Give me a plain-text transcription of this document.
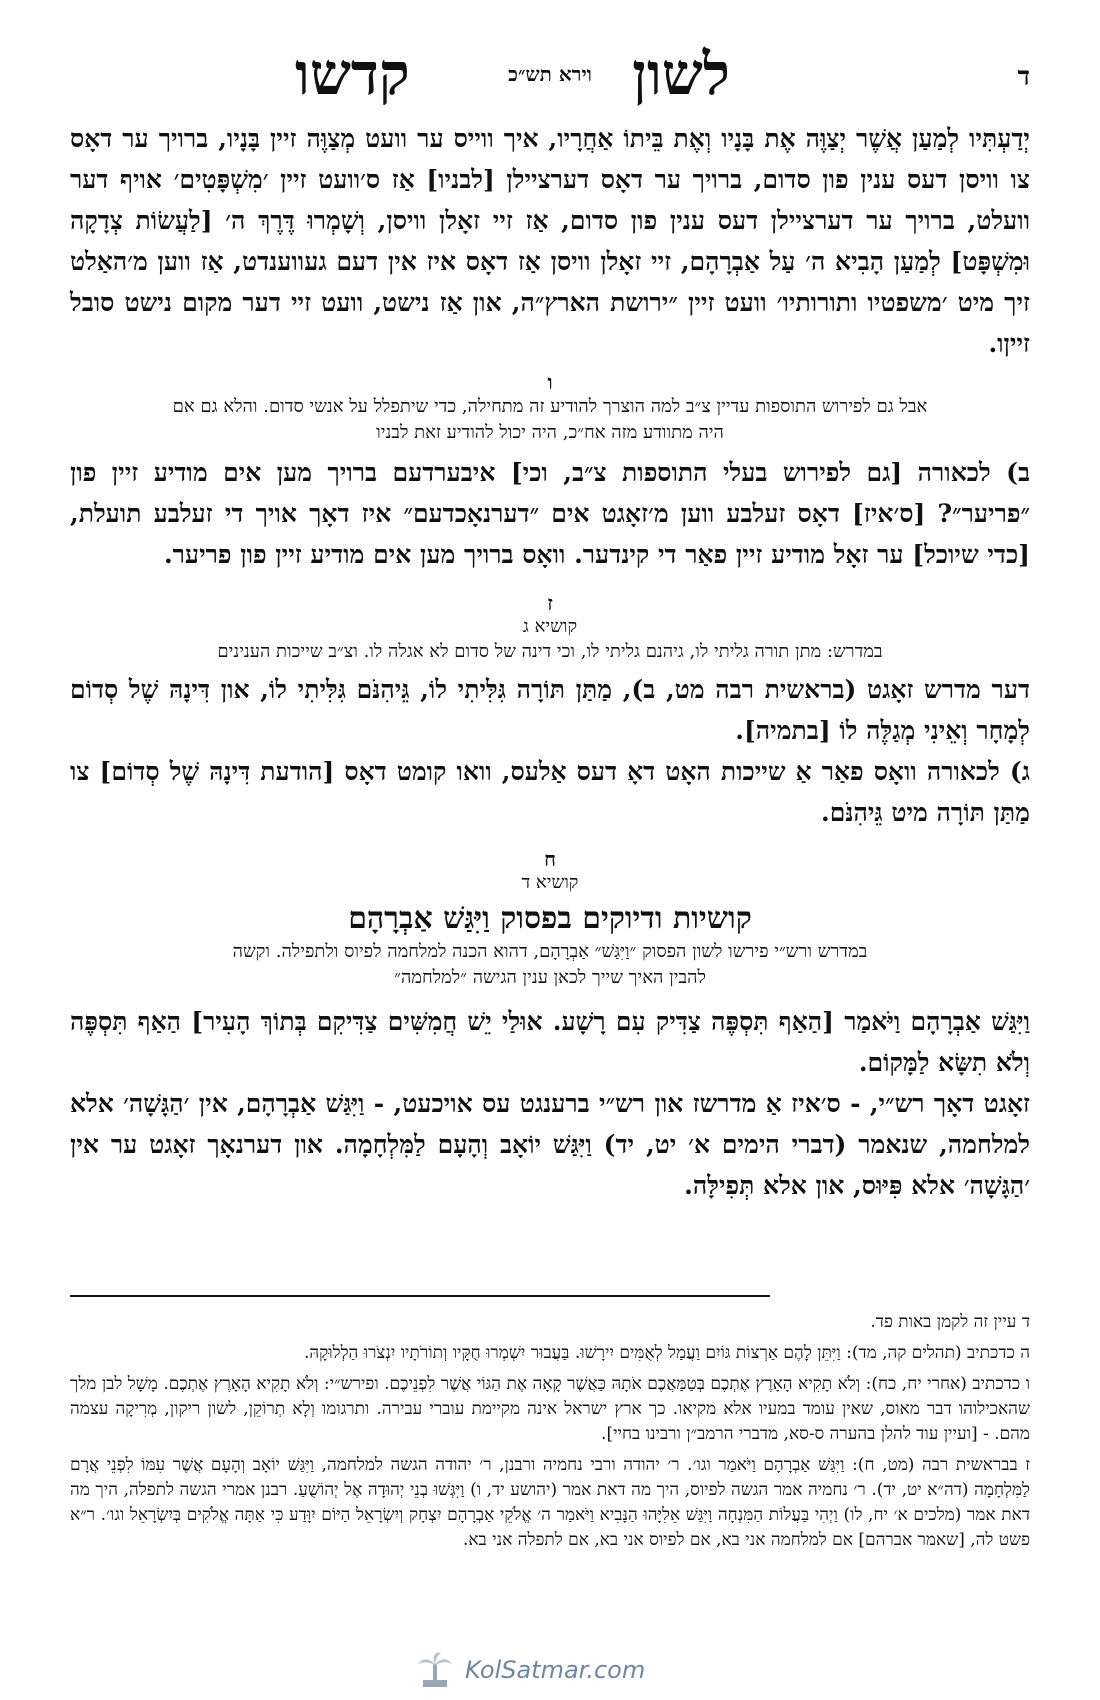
ד
לשון
וירא תש״כ
קדשו

יְדַעְתִּיו לְמַעַן אֲשֶׁר יְצַוֶּה אֶת בָּנָיו וְאֶת בֵּיתוֹ אַחֲרָיו, איך ווייס ער וועט מְצַוֶּה זיין בָּנָיו, ברויך ער דאָס צו וויסן דעס ענין פון סדום, ברויך ער דאָס דערציילן [לבניו] אַז ס׳וועט זיין ׳מִשְׁפָּטִים׳ אויף דער וועלט, ברויך ער דערציילן דעס ענין פון סדום, אַז זיי זאָלן וויסן, וְשָׁמְרוּ דֶּרֶךְ ה׳ [לַעֲשׂוֹת צְדָקָה וּמִשְׁפָּט] לְמַעַן הָבִיא ה׳ עַל אַבְרָהָם, זיי זאָלן וויסן אַז דאָס איז אין דעם געווענדט, אַז ווען מ׳האַלט זיך מיט ׳משפטיו ותורותיו׳ וועט זיין ״ירושת הארץ״ה, און אַז נישט, וועט זיי דער מקום נישט סובל זייןו.

ו

אבל גם לפירוש התוספות עדיין צ״ב למה הוצרך להודיע זה מתחילה, כדי שיתפלל על אנשי סדום. והלא גם אם היה מתוודע מזה אח״כ, היה יכול להודיע זאת לבניו

ב) לכאורה [גם לפירוש בעלי התוספות צ״ב, וכי] איבערדעם ברויך מען אים מודיע זיין פון ״פריער״? [ס׳איז] דאָס זעלבע ווען מ׳זאָגט אים ״דערנאָכדעם״ איז דאָך אויך די זעלבע תועלת, [כדי שיוכל] ער זאָל מודיע זיין פאַר די קינדער. וואָס ברויך מען אים מודיע זיין פון פריער.

ז

קושיא ג

במדרש: מתן תורה גליתי לו, גיהנם גליתי לו, וכי דינה של סדום לא אגלה לו. וצ״ב שייכות הענינים

דער מדרש זאָגט (בראשית רבה מט, ב), מַתַּן תּוֹרָה גִּלִּיתִי לוֹ, גֵּיהִנֹּם גִּלִּיתִי לוֹ, און דִּינָהּ שֶׁל סְדוֹם לְמָחָר וְאֵינִי מְגַלֶּה לוֹ [בתמיה].

ג) לכאורה וואָס פאַר אַ שייכות האָט דאָ דעס אַלעס, וואו קומט דאָס [הודעת דִּינָהּ שֶׁל סְדוֹם] צו מַתַּן תּוֹרָה מיט גֵּיהִנֹּם.

ח

קושיא ד

קושיות ודיוקים בפסוק וַיִּגַּשׁ אַבְרָהָם

במדרש ורש״י פירשו לשון הפסוק ״וַיִּגַּשׁ״ אַבְרָהָם, דהוא הכנה למלחמה לפיוס ולתפילה. וקשה להבין האיך שייך לכאן ענין הגישה ״למלחמה״

וַיִּגַּשׁ אַבְרָהָם וַיֹּאמַר [הַאַף תִּסְפֶּה צַדִּיק עִם רָשָׁע. אוּלַי יֵשׁ חֲמִשִּׁים צַדִּיקִם בְּתוֹךְ הָעִיר] הַאַף תִּסְפֶּה וְלֹא תִשָּׂא לַמָּקוֹם.

זאָגט דאָך רש״י, - ס׳איז אַ מדרשז און רש״י ברענגט עס אויכעט, - וַיִּגַּשׁ אַבְרָהָם, אין ׳הַגָּשָׁה׳ אלא למלחמה, שנאמר (דברי הימים א׳ יט, יד) וַיִּגַּשׁ יוֹאָב וְהָעָם לַמִּלְחָמָה. און דערנאָך זאָגט ער אין ׳הַגָּשָׁה׳ אלא פִּיּוּס, און אלא תְּפִילָּה.

ד עיין זה לקמן באות פד.

ה כדכתיב (תהלים קה, מד): וַיִּתֵּן לָהֶם אַרְצוֹת גּוֹיִם וַעֲמַל לְאֻמִּים יִירָשׁוּ. בַּעֲבוּר יִשְׁמְרוּ חֻקָּיו וְתוֹרֹתָיו יִנְצֹרוּ הַלְלוּקָהּ.

ו כדכתיב (אחרי יח, כח): וְלֹא תָקִיא הָאָרֶץ אֶתְכֶם בְּטַמַּאֲכֶם אֹתָהּ כַּאֲשֶׁר קָאָה אֶת הַגּוֹי אֲשֶׁר לִפְנֵיכֶם. ופירש״י: וְלֹא תָקִיא הָאָרֶץ אֶתְכֶם. מָשָׁל לבן מלך שהאכילוהו דבר מאוס, שאין עומד במעיו אלא מקיאו. כך ארץ ישראל אינה מקיימת עוברי עבירה. ותרגומו וְלָא תְרוֹקֵן, לשון ריקון, מְרִיקָה עצמה מהם. - [ועיין עוד להלן בהערה ס-סא, מדברי הרמב״ן ורבינו בחיי].

ז בבראשית רבה (מט, ח): וַיִּגַּשׁ אַבְרָהָם וַיֹּאמַר וגו׳. ר׳ יהודה ורבי נחמיה ורבנן, ר׳ יהודה הגשה למלחמה, וַיִּגַּשׁ יוֹאָב וְהָעָם אֲשֶׁר עִמּוֹ לִפְנֵי אֲרָם לַמִּלְחָמָה (דה״א יט, יד). ר׳ נחמיה אמר הגשה לפיוס, היך מה דאת אמר (יהושע יד, ו) וַיִּגְּשׁוּ בְנֵי יְהוּדָה אֶל יְהוֹשֻׁעַ. רבנן אמרי הגשה לתפלה, היך מה דאת אמר (מלכים א׳ יח, לו) וַיְהִי בַּעֲלוֹת הַמִּנְחָה וַיִּגַּשׁ אֵלִיָּהוּ הַנָּבִיא וַיֹּאמַר ה׳ אֱלֹקֵי אַבְרָהָם יִצְחָק וְיִשְׂרָאֵל הַיּוֹם יִוָּדַע כִּי אַתָּה אֱלֹקִים בְּיִשְׂרָאֵל וגו׳. ר״א פשט לה, [שאמר אברהם] אם למלחמה אני בא, אם לפיוס אני בא, אם לתפלה אני בא.

KolSatmar.com
